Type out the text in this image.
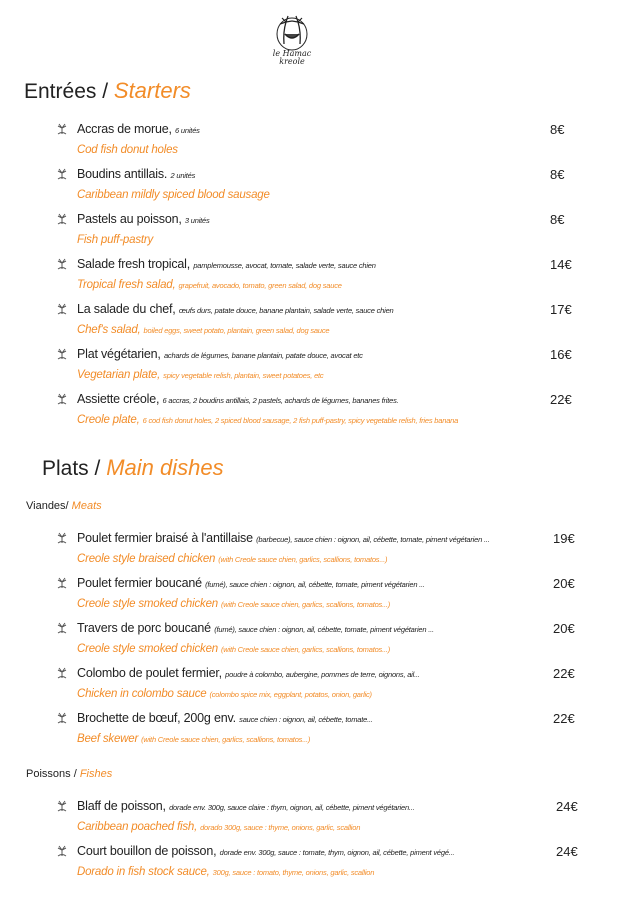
le Hamac
kreole
Entrées / Starters
Accras de morue, 6 unités	8€
Cod fish donut holes
Boudins antillais. 2 unités	8€
Caribbean mildly spiced blood sausage
Pastels au poisson, 3 unités	8€
Fish puff-pastry
Salade fresh tropical, pamplemousse, avocat, tomate, salade verte, sauce chien	14€
Tropical fresh salad, grapefruit, avocado, tomato, green salad, dog sauce
La salade du chef, œufs durs, patate douce, banane plantain, salade verte, sauce chien	17€
Chef's salad, boiled eggs, sweet potato, plantain, green salad, dog sauce
Plat végétarien, achards de légumes, banane plantain, patate douce, avocat etc	16€
Vegetarian plate, spicy vegetable relish, plantain, sweet potatoes, etc
Assiette créole, 6 accras, 2 boudins antillais, 2 pastels, achards de légumes, bananes frites.	22€
Creole plate, 6 cod fish donut holes, 2 spiced blood sausage, 2 fish puff-pastry, spicy vegetable relish, fries banana
Plats / Main dishes
Viandes/ Meats
Poulet fermier braisé à l'antillaise (barbecue), sauce chien : oignon, ail, cébette, tomate, piment végétarien ...	19€
Creole style braised chicken (with Creole sauce chien, garlics, scallions, tomatos...)
Poulet fermier boucané (fumé), sauce chien : oignon, ail, cébette, tomate, piment végétarien ...	20€
Creole style smoked chicken (with Creole sauce chien, garlics, scallions, tomatos...)
Travers de porc boucané (fumé), sauce chien : oignon, ail, cébette, tomate, piment végétarien ...	20€
Creole style smoked chicken (with Creole sauce chien, garlics, scallions, tomatos...)
Colombo de poulet fermier, poudre à colombo, aubergine, pommes de terre, oignons, ail...	22€
Chicken in colombo sauce (colombo spice mix, eggplant, potatos, onion, garlic)
Brochette de bœuf, 200g env. sauce chien : oignon, ail, cébette, tomate...	22€
Beef skewer (with Creole sauce chien, garlics, scallions, tomatos...)
Poissons / Fishes
Blaff de poisson, dorade env. 300g, sauce claire : thym, oignon, ail, cébette, piment végétarien...	24€
Caribbean poached fish, dorado 300g, sauce : thyme, onions, garlic, scallion
Court bouillon de poisson, dorade env. 300g, sauce : tomate, thym, oignon, ail, cébette, piment végé...	24€
Dorado in fish stock sauce, 300g, sauce : tomato, thyme, onions, garlic, scallion
